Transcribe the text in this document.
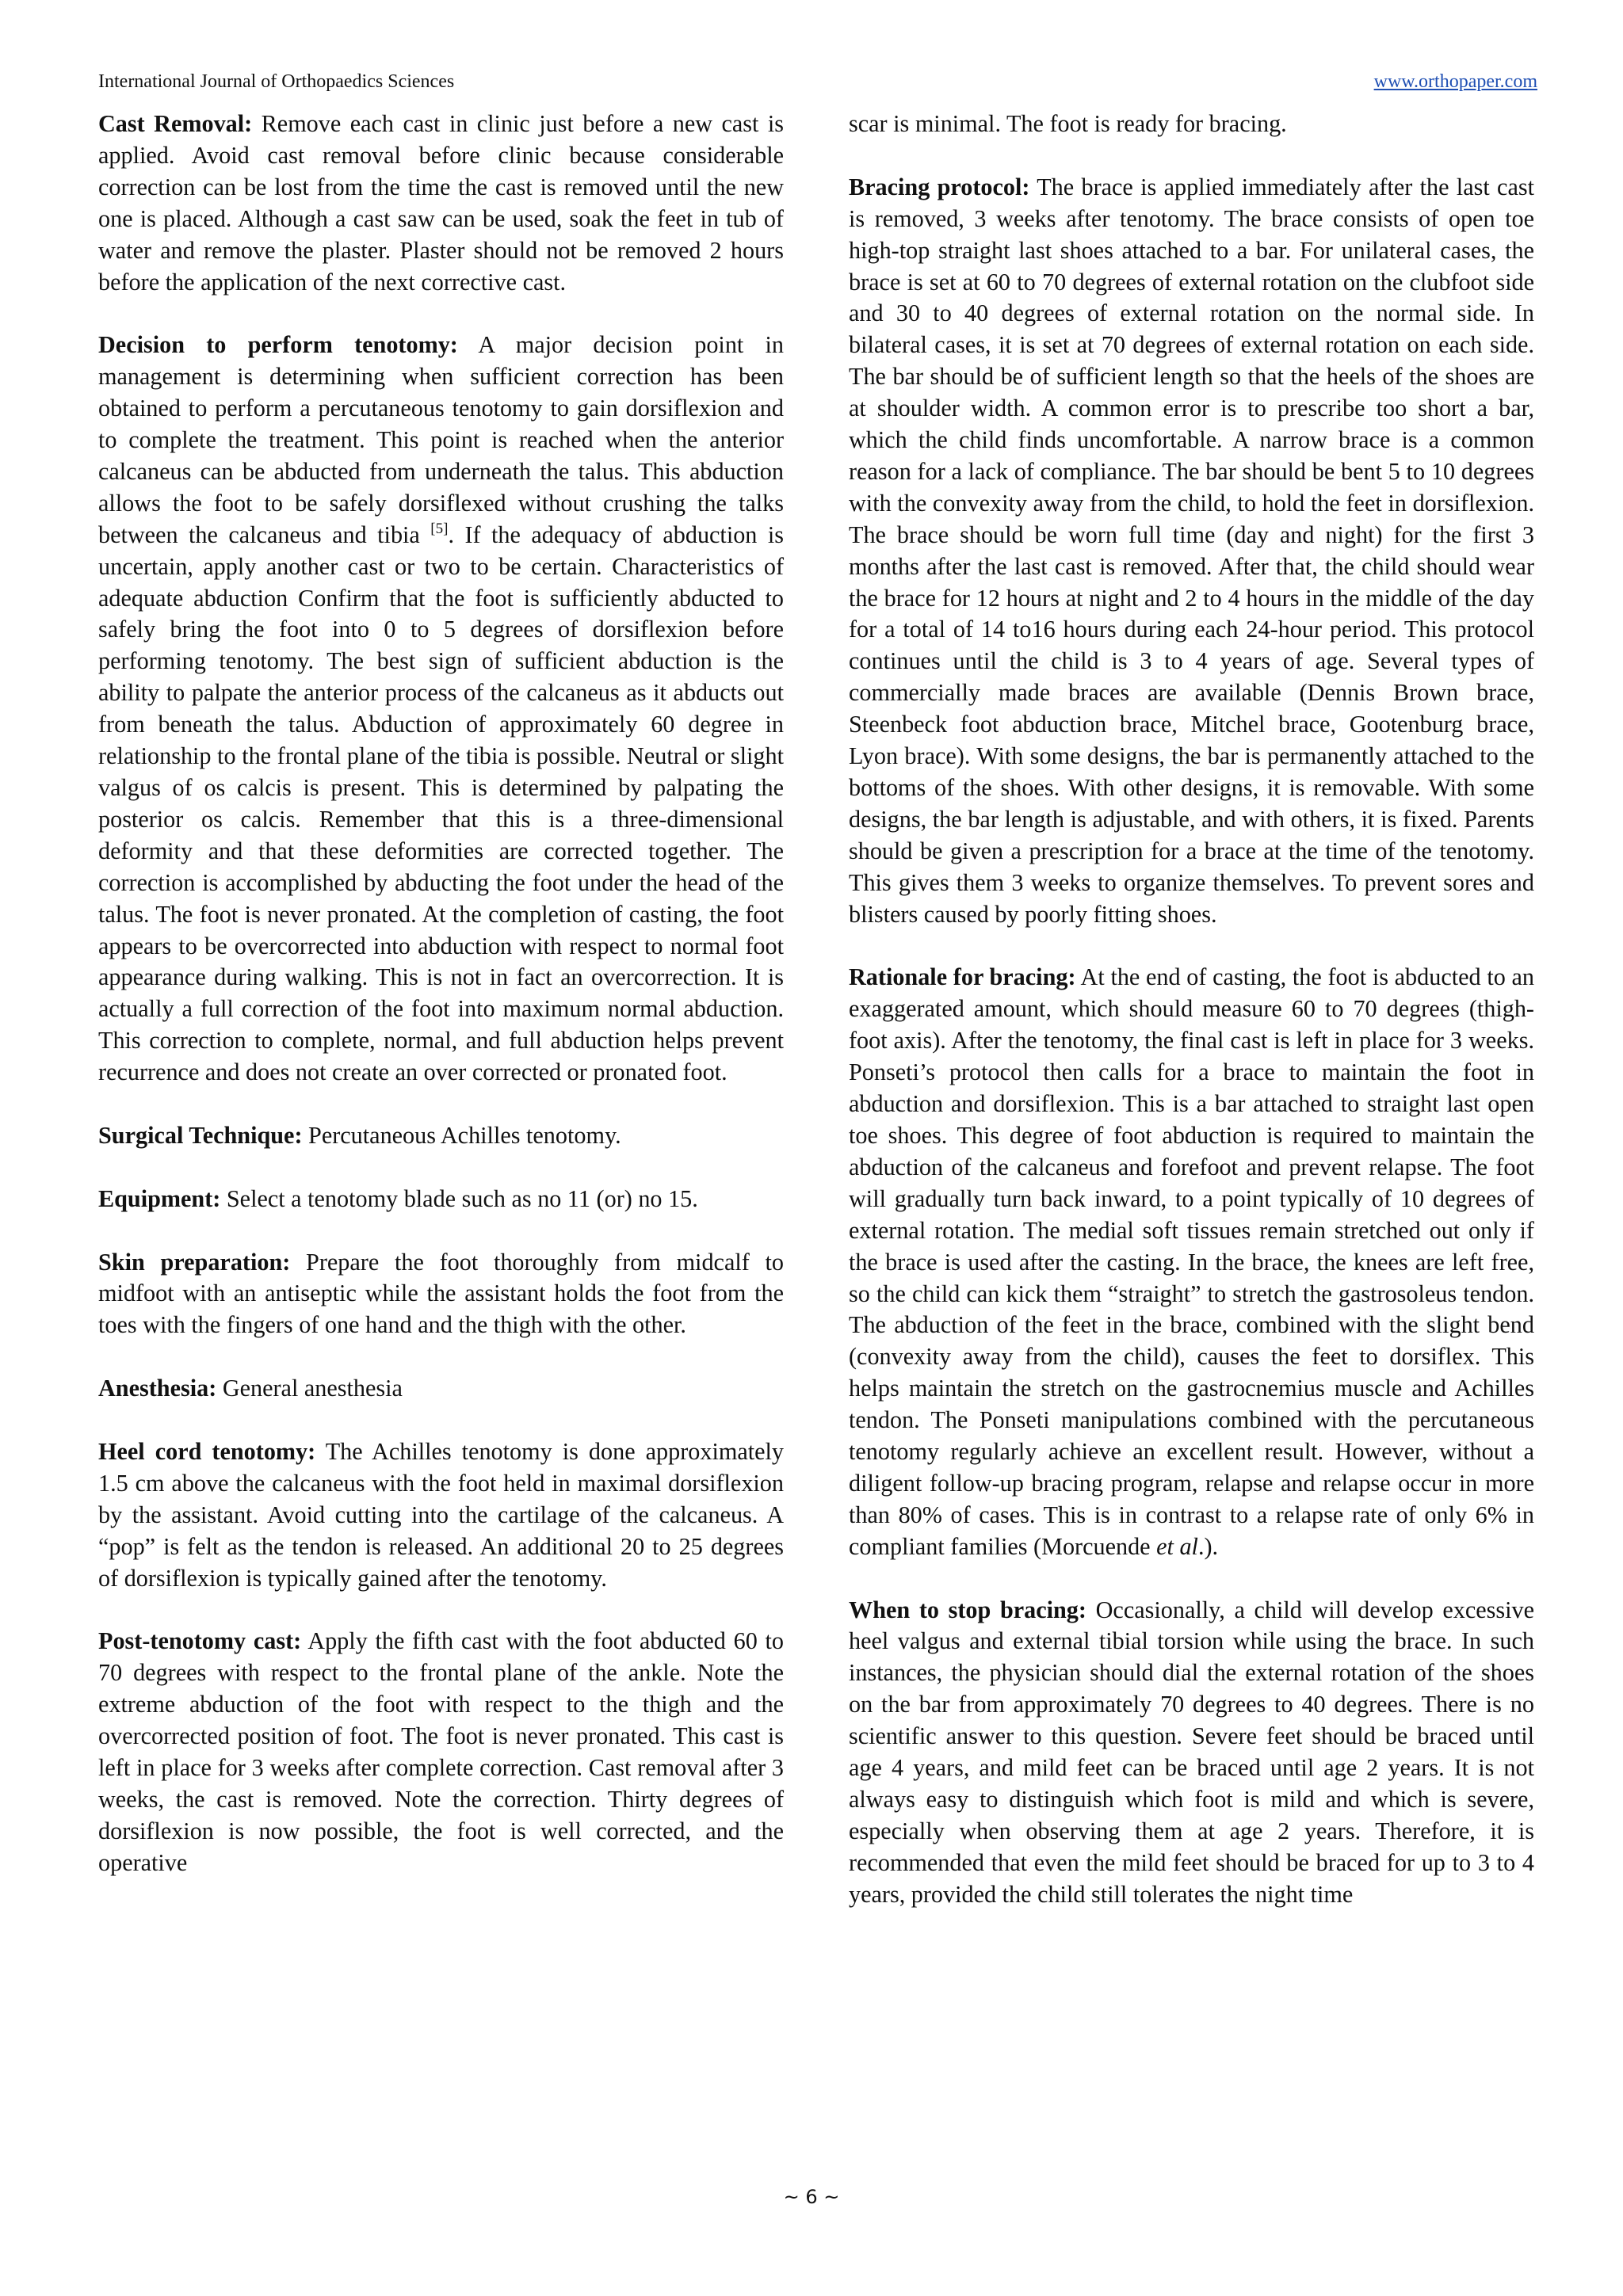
International Journal of Orthopaedics Sciences	www.orthopaper.com

Cast Removal: Remove each cast in clinic just before a new cast is applied. Avoid cast removal before clinic because considerable correction can be lost from the time the cast is removed until the new one is placed. Although a cast saw can be used, soak the feet in tub of water and remove the plaster. Plaster should not be removed 2 hours before the application of the next corrective cast.

Decision to perform tenotomy: A major decision point in management is determining when sufficient correction has been obtained to perform a percutaneous tenotomy to gain dorsiflexion and to complete the treatment. This point is reached when the anterior calcaneus can be abducted from underneath the talus. This abduction allows the foot to be safely dorsiflexed without crushing the talks between the calcaneus and tibia [5]. If the adequacy of abduction is uncertain, apply another cast or two to be certain. Characteristics of adequate abduction Confirm that the foot is sufficiently abducted to safely bring the foot into 0 to 5 degrees of dorsiflexion before performing tenotomy. The best sign of sufficient abduction is the ability to palpate the anterior process of the calcaneus as it abducts out from beneath the talus. Abduction of approximately 60 degree in relationship to the frontal plane of the tibia is possible. Neutral or slight valgus of os calcis is present. This is determined by palpating the posterior os calcis. Remember that this is a three-dimensional deformity and that these deformities are corrected together. The correction is accomplished by abducting the foot under the head of the talus. The foot is never pronated. At the completion of casting, the foot appears to be overcorrected into abduction with respect to normal foot appearance during walking. This is not in fact an overcorrection. It is actually a full correction of the foot into maximum normal abduction. This correction to complete, normal, and full abduction helps prevent recurrence and does not create an over corrected or pronated foot.

Surgical Technique: Percutaneous Achilles tenotomy.

Equipment: Select a tenotomy blade such as no 11 (or) no 15.

Skin preparation: Prepare the foot thoroughly from midcalf to midfoot with an antiseptic while the assistant holds the foot from the toes with the fingers of one hand and the thigh with the other.

Anesthesia: General anesthesia

Heel cord tenotomy: The Achilles tenotomy is done approximately 1.5 cm above the calcaneus with the foot held in maximal dorsiflexion by the assistant. Avoid cutting into the cartilage of the calcaneus. A “pop” is felt as the tendon is released. An additional 20 to 25 degrees of dorsiflexion is typically gained after the tenotomy.

Post-tenotomy cast: Apply the fifth cast with the foot abducted 60 to 70 degrees with respect to the frontal plane of the ankle. Note the extreme abduction of the foot with respect to the thigh and the overcorrected position of foot. The foot is never pronated. This cast is left in place for 3 weeks after complete correction. Cast removal after 3 weeks, the cast is removed. Note the correction. Thirty degrees of dorsiflexion is now possible, the foot is well corrected, and the operative

scar is minimal. The foot is ready for bracing.

Bracing protocol: The brace is applied immediately after the last cast is removed, 3 weeks after tenotomy. The brace consists of open toe high-top straight last shoes attached to a bar. For unilateral cases, the brace is set at 60 to 70 degrees of external rotation on the clubfoot side and 30 to 40 degrees of external rotation on the normal side. In bilateral cases, it is set at 70 degrees of external rotation on each side. The bar should be of sufficient length so that the heels of the shoes are at shoulder width. A common error is to prescribe too short a bar, which the child finds uncomfortable. A narrow brace is a common reason for a lack of compliance. The bar should be bent 5 to 10 degrees with the convexity away from the child, to hold the feet in dorsiflexion. The brace should be worn full time (day and night) for the first 3 months after the last cast is removed. After that, the child should wear the brace for 12 hours at night and 2 to 4 hours in the middle of the day for a total of 14 to16 hours during each 24-hour period. This protocol continues until the child is 3 to 4 years of age. Several types of commercially made braces are available (Dennis Brown brace, Steenbeck foot abduction brace, Mitchel brace, Gootenburg brace, Lyon brace). With some designs, the bar is permanently attached to the bottoms of the shoes. With other designs, it is removable. With some designs, the bar length is adjustable, and with others, it is fixed. Parents should be given a prescription for a brace at the time of the tenotomy. This gives them 3 weeks to organize themselves. To prevent sores and blisters caused by poorly fitting shoes.

Rationale for bracing: At the end of casting, the foot is abducted to an exaggerated amount, which should measure 60 to 70 degrees (thigh-foot axis). After the tenotomy, the final cast is left in place for 3 weeks. Ponseti’s protocol then calls for a brace to maintain the foot in abduction and dorsiflexion. This is a bar attached to straight last open toe shoes. This degree of foot abduction is required to maintain the abduction of the calcaneus and forefoot and prevent relapse. The foot will gradually turn back inward, to a point typically of 10 degrees of external rotation. The medial soft tissues remain stretched out only if the brace is used after the casting. In the brace, the knees are left free, so the child can kick them “straight” to stretch the gastrosoleus tendon. The abduction of the feet in the brace, combined with the slight bend (convexity away from the child), causes the feet to dorsiflex. This helps maintain the stretch on the gastrocnemius muscle and Achilles tendon. The Ponseti manipulations combined with the percutaneous tenotomy regularly achieve an excellent result. However, without a diligent follow-up bracing program, relapse and relapse occur in more than 80% of cases. This is in contrast to a relapse rate of only 6% in compliant families (Morcuende et al.).

When to stop bracing: Occasionally, a child will develop excessive heel valgus and external tibial torsion while using the brace. In such instances, the physician should dial the external rotation of the shoes on the bar from approximately 70 degrees to 40 degrees. There is no scientific answer to this question. Severe feet should be braced until age 4 years, and mild feet can be braced until age 2 years. It is not always easy to distinguish which foot is mild and which is severe, especially when observing them at age 2 years. Therefore, it is recommended that even the mild feet should be braced for up to 3 to 4 years, provided the child still tolerates the night time

~ 6 ~
